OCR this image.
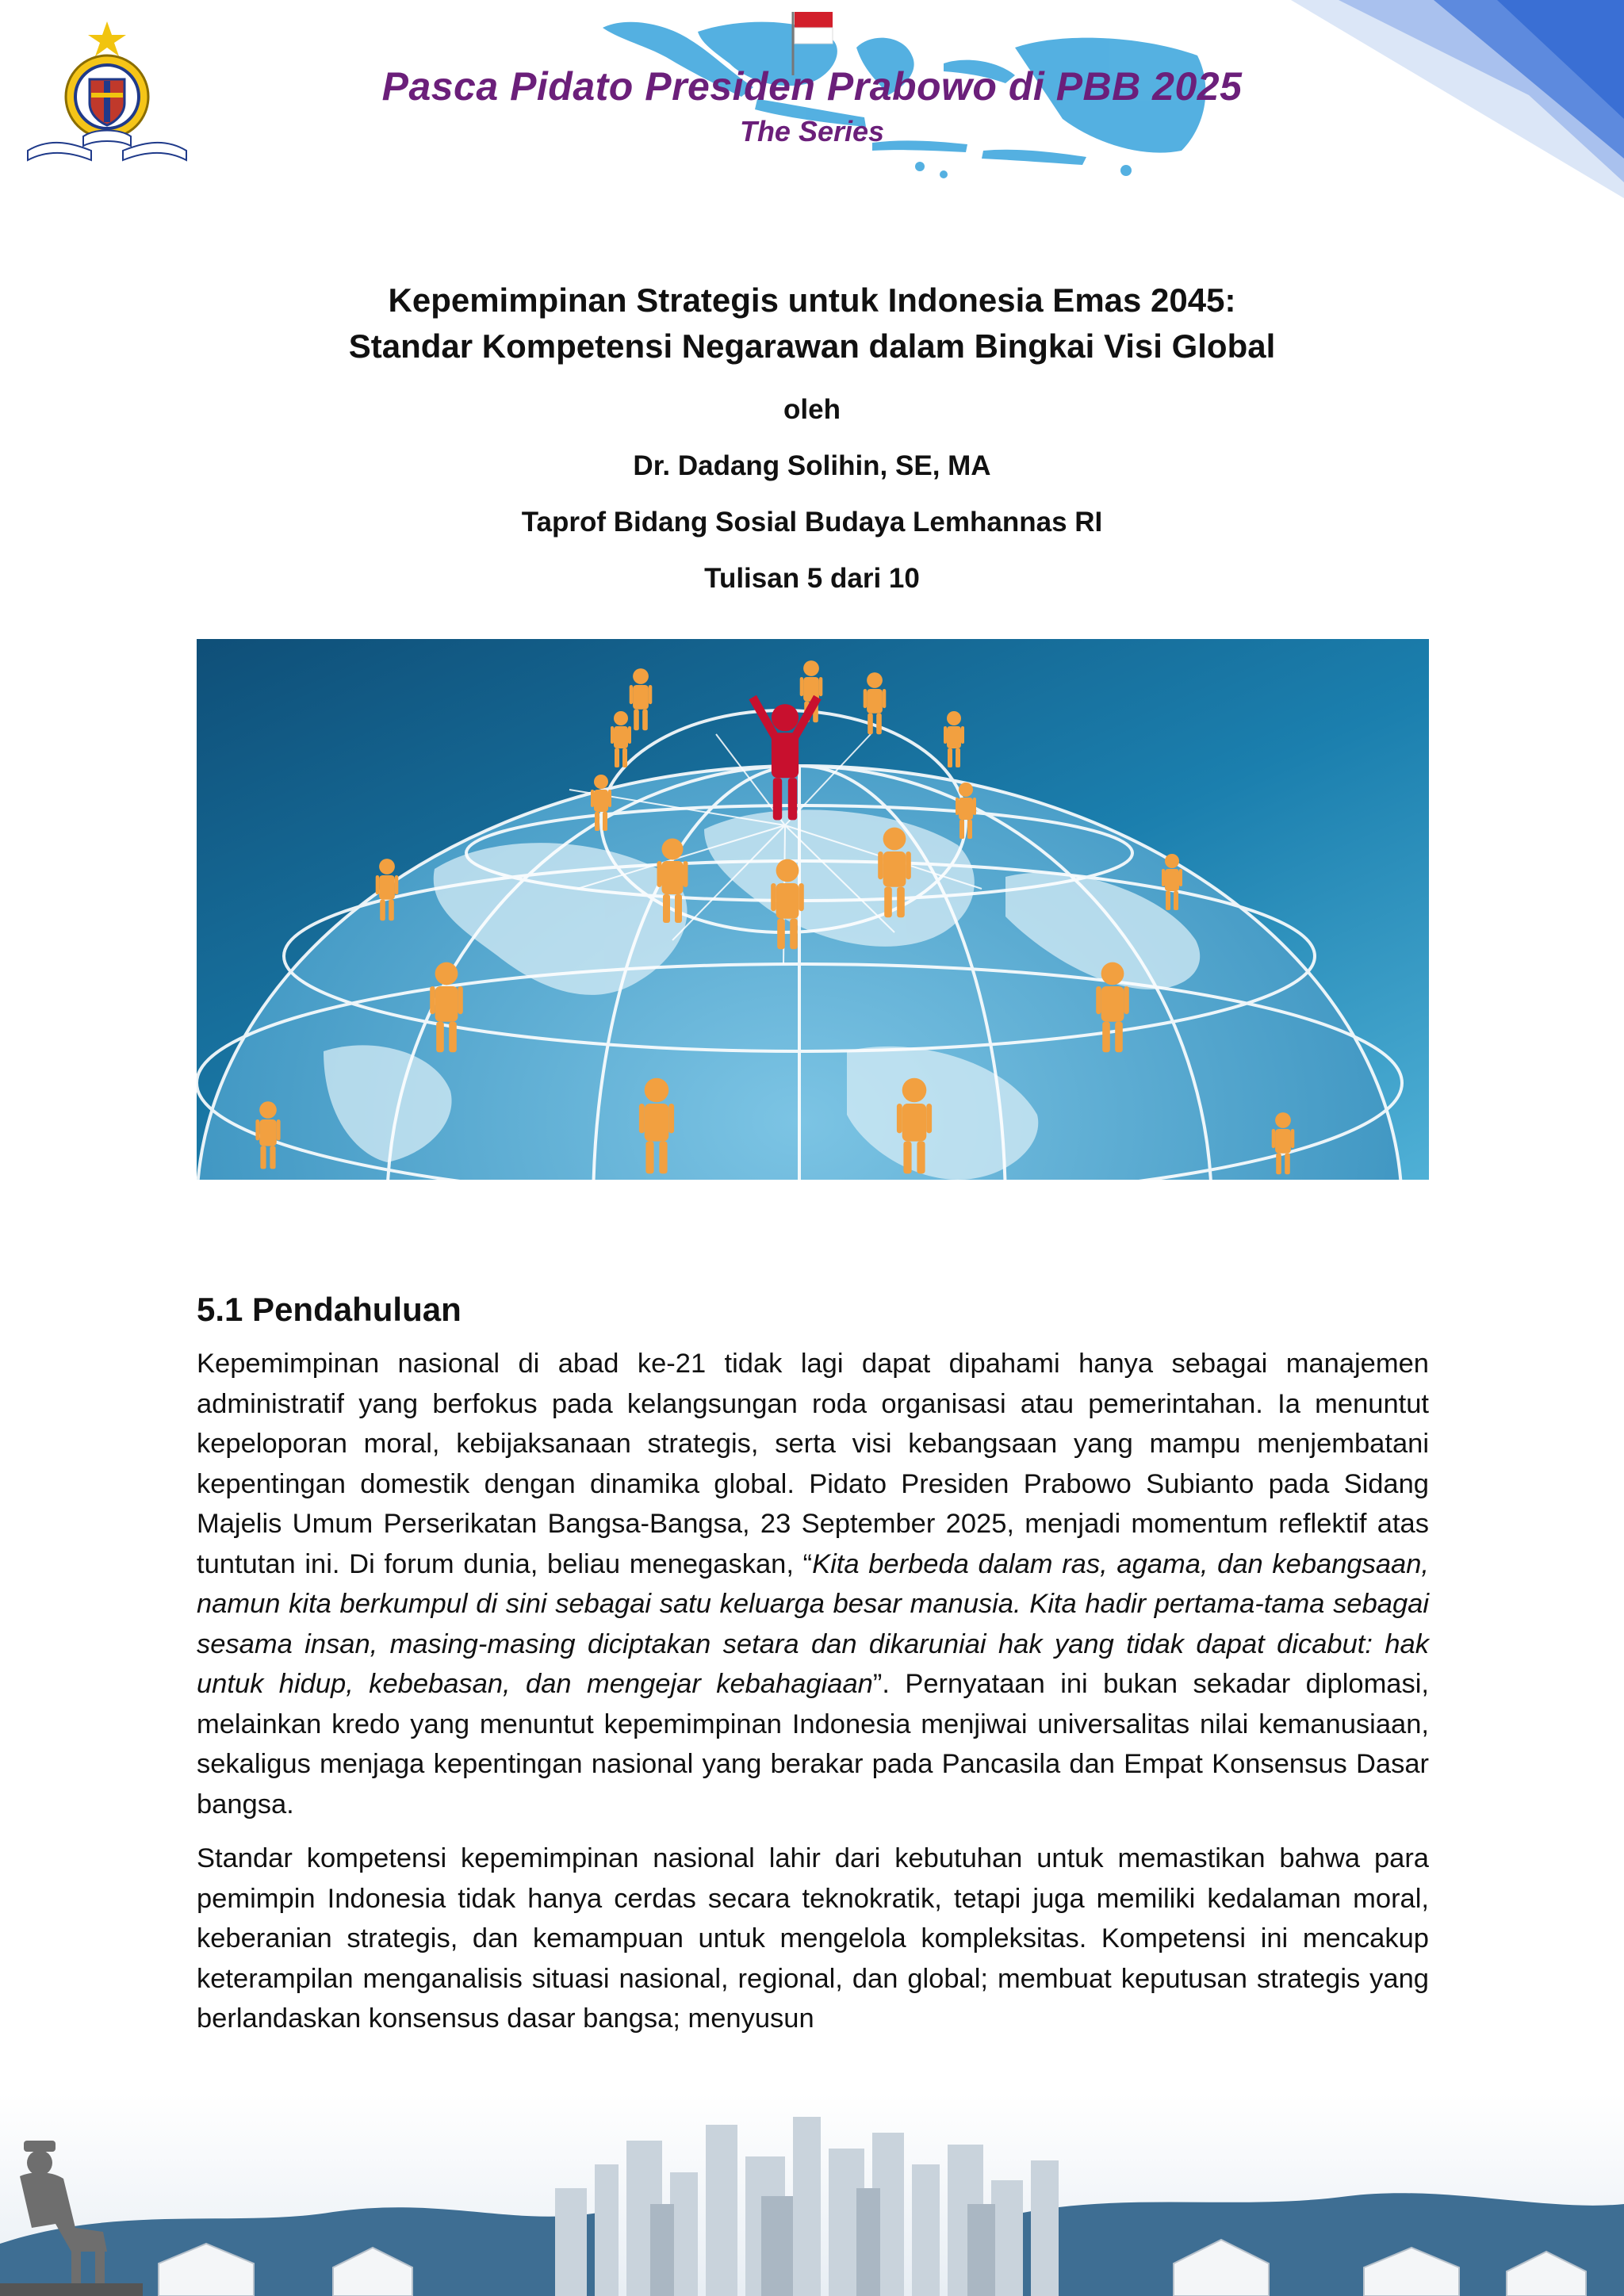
Pasca Pidato Presiden Prabowo di PBB 2025
The Series
Kepemimpinan Strategis untuk Indonesia Emas 2045:
Standar Kompetensi Negarawan dalam Bingkai Visi Global
oleh
Dr. Dadang Solihin, SE, MA
Taprof Bidang Sosial Budaya Lemhannas RI
Tulisan 5 dari 10
5.1 Pendahuluan

Kepemimpinan nasional di abad ke-21 tidak lagi dapat dipahami hanya sebagai manajemen administratif yang berfokus pada kelangsungan roda organisasi atau pemerintahan. Ia menuntut kepeloporan moral, kebijaksanaan strategis, serta visi kebangsaan yang mampu menjembatani kepentingan domestik dengan dinamika global. Pidato Presiden Prabowo Subianto pada Sidang Majelis Umum Perserikatan Bangsa-Bangsa, 23 September 2025, menjadi momentum reflektif atas tuntutan ini. Di forum dunia, beliau menegaskan, “Kita berbeda dalam ras, agama, dan kebangsaan, namun kita berkumpul di sini sebagai satu keluarga besar manusia. Kita hadir pertama-tama sebagai sesama insan, masing-masing diciptakan setara dan dikaruniai hak yang tidak dapat dicabut: hak untuk hidup, kebebasan, dan mengejar kebahagiaan”. Pernyataan ini bukan sekadar diplomasi, melainkan kredo yang menuntut kepemimpinan Indonesia menjiwai universalitas nilai kemanusiaan, sekaligus menjaga kepentingan nasional yang berakar pada Pancasila dan Empat Konsensus Dasar bangsa.

Standar kompetensi kepemimpinan nasional lahir dari kebutuhan untuk memastikan bahwa para pemimpin Indonesia tidak hanya cerdas secara teknokratik, tetapi juga memiliki kedalaman moral, keberanian strategis, dan kemampuan untuk mengelola kompleksitas. Kompetensi ini mencakup keterampilan menganalisis situasi nasional, regional, dan global; membuat keputusan strategis yang berlandaskan konsensus dasar bangsa; menyusun
